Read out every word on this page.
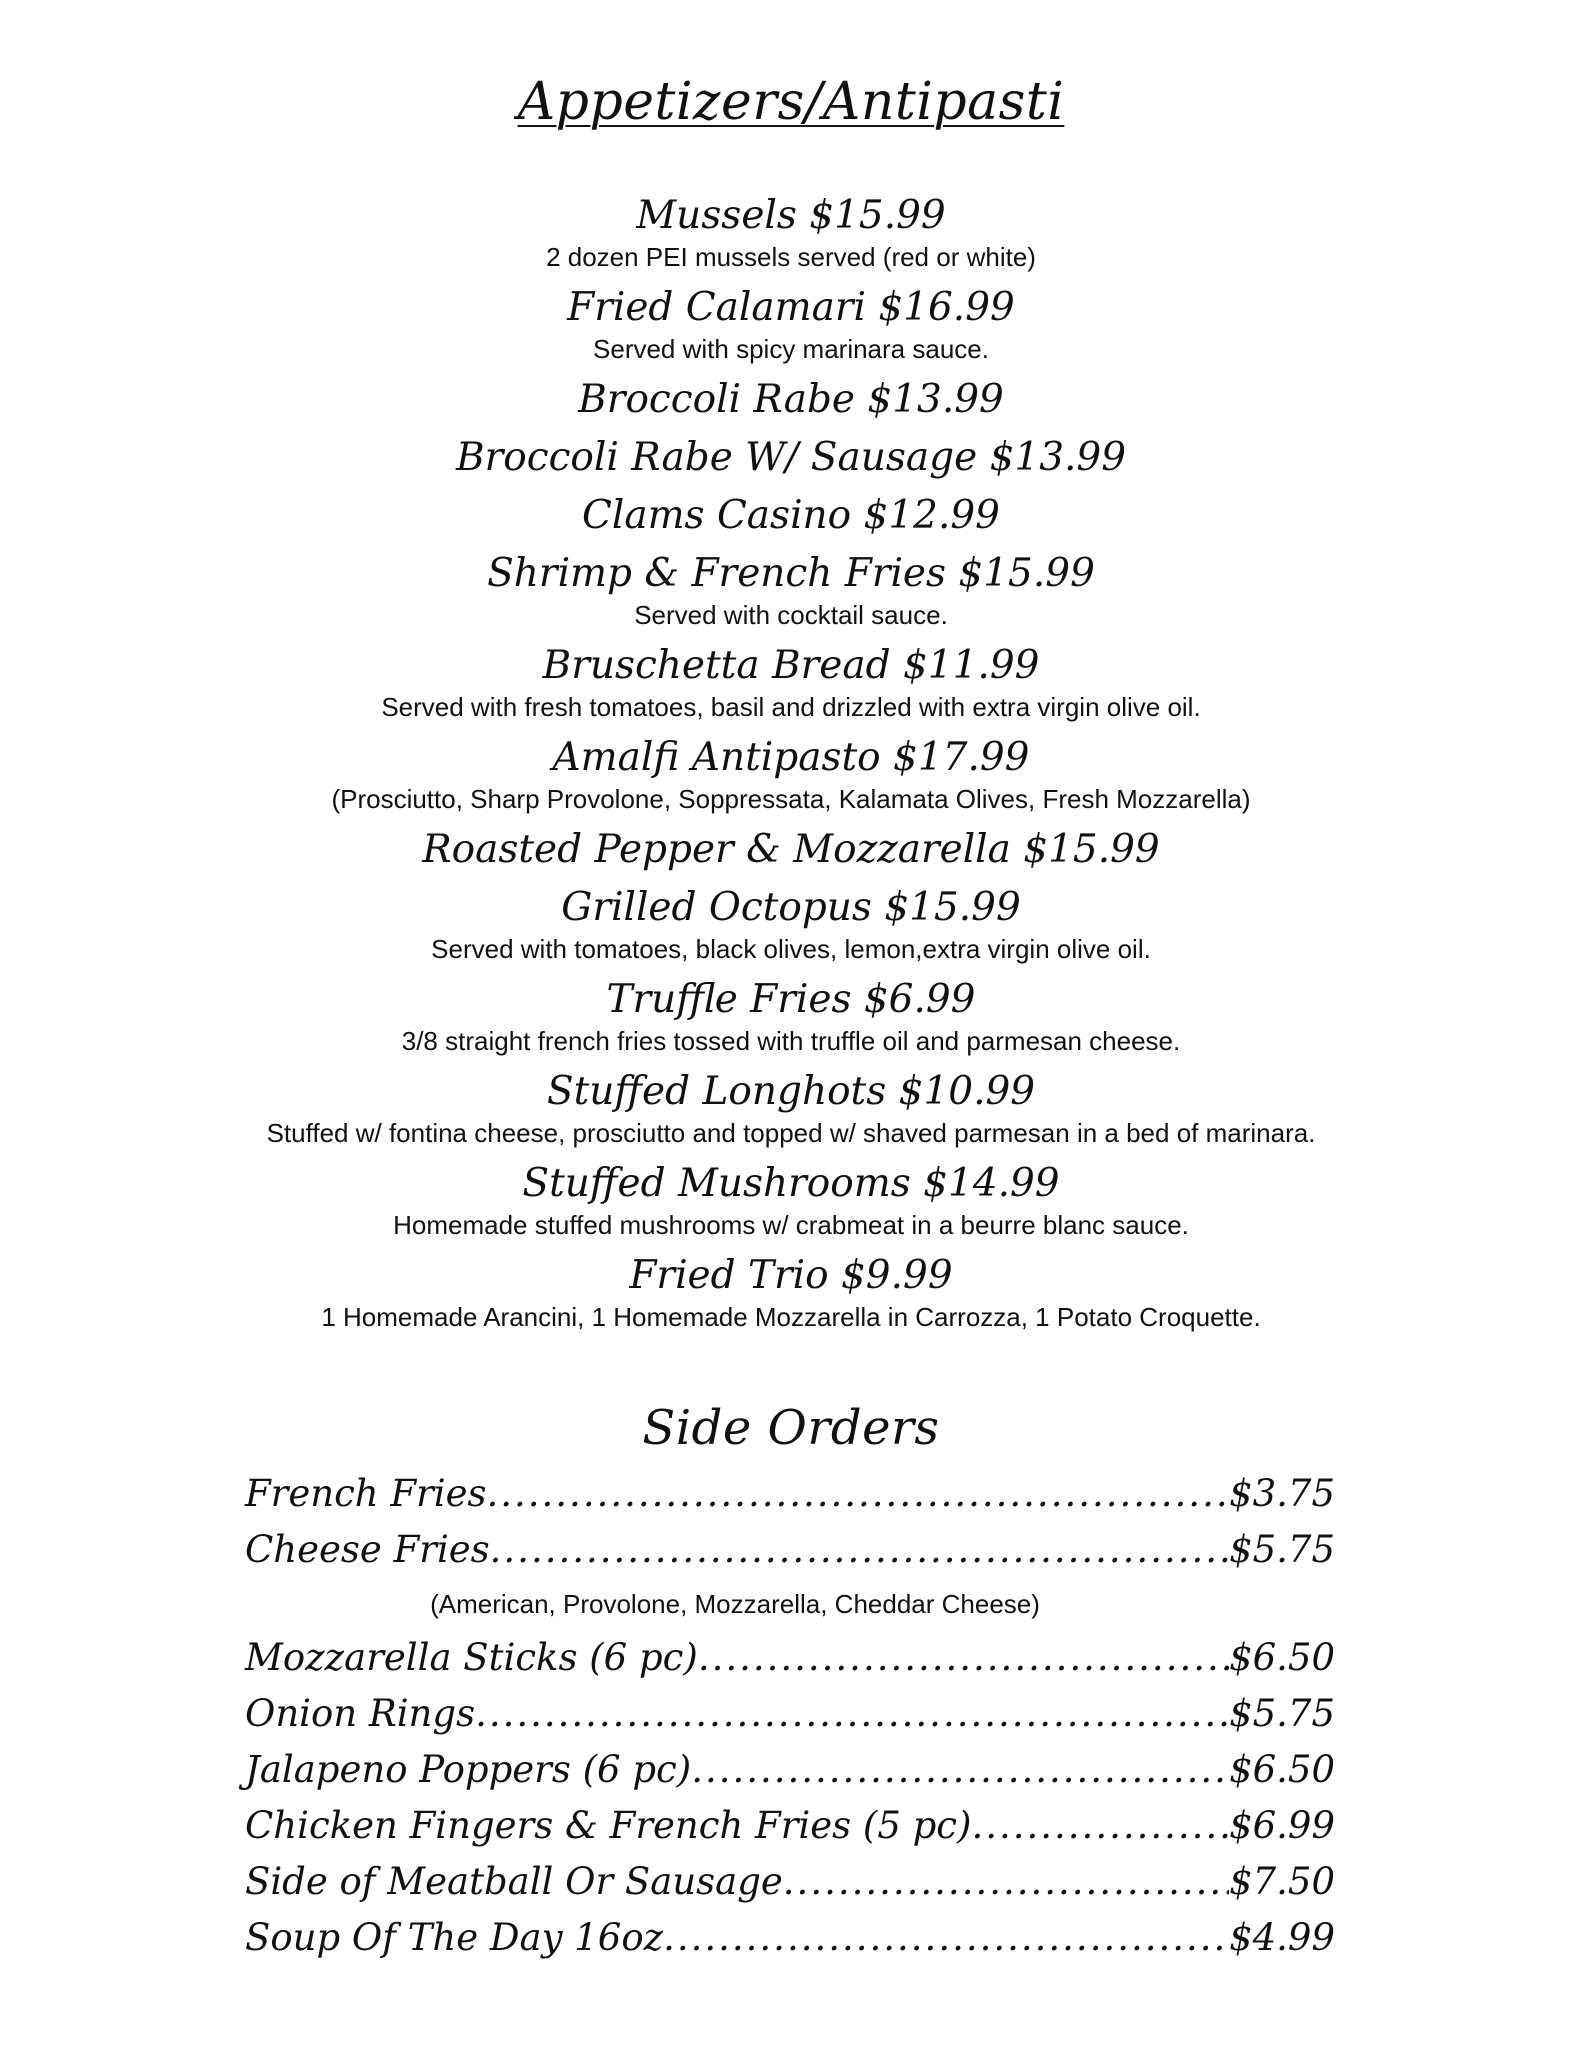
Appetizers/Antipasti
Mussels $15.99
2 dozen PEI mussels served (red or white)
Fried Calamari $16.99
Served with spicy marinara sauce.
Broccoli Rabe $13.99
Broccoli Rabe W/ Sausage $13.99
Clams Casino $12.99
Shrimp & French Fries $15.99
Served with cocktail sauce.
Bruschetta Bread $11.99
Served with fresh tomatoes, basil and drizzled with extra virgin olive oil.
Amalfi Antipasto $17.99
(Prosciutto, Sharp Provolone, Soppressata, Kalamata Olives, Fresh Mozzarella)
Roasted Pepper & Mozzarella $15.99
Grilled Octopus $15.99
Served with tomatoes, black olives, lemon,extra virgin olive oil.
Truffle Fries $6.99
3/8 straight french fries tossed with truffle oil and parmesan cheese.
Stuffed Longhots $10.99
Stuffed w/ fontina cheese, prosciutto and topped w/ shaved parmesan in a bed of marinara.
Stuffed Mushrooms $14.99
Homemade stuffed mushrooms w/ crabmeat in a beurre blanc sauce.
Fried Trio $9.99
1 Homemade Arancini, 1 Homemade Mozzarella in Carrozza, 1 Potato Croquette.
Side Orders
French Fries .....	$3.75
Cheese Fries .....	$5.75
(American, Provolone, Mozzarella, Cheddar Cheese)
Mozzarella Sticks (6 pc) .....	$6.50
Onion Rings .....	$5.75
Jalapeno Poppers (6 pc) .....	$6.50
Chicken Fingers & French Fries (5 pc) .....	$6.99
Side of Meatball Or Sausage .....	$7.50
Soup Of The Day 16oz .....	$4.99
